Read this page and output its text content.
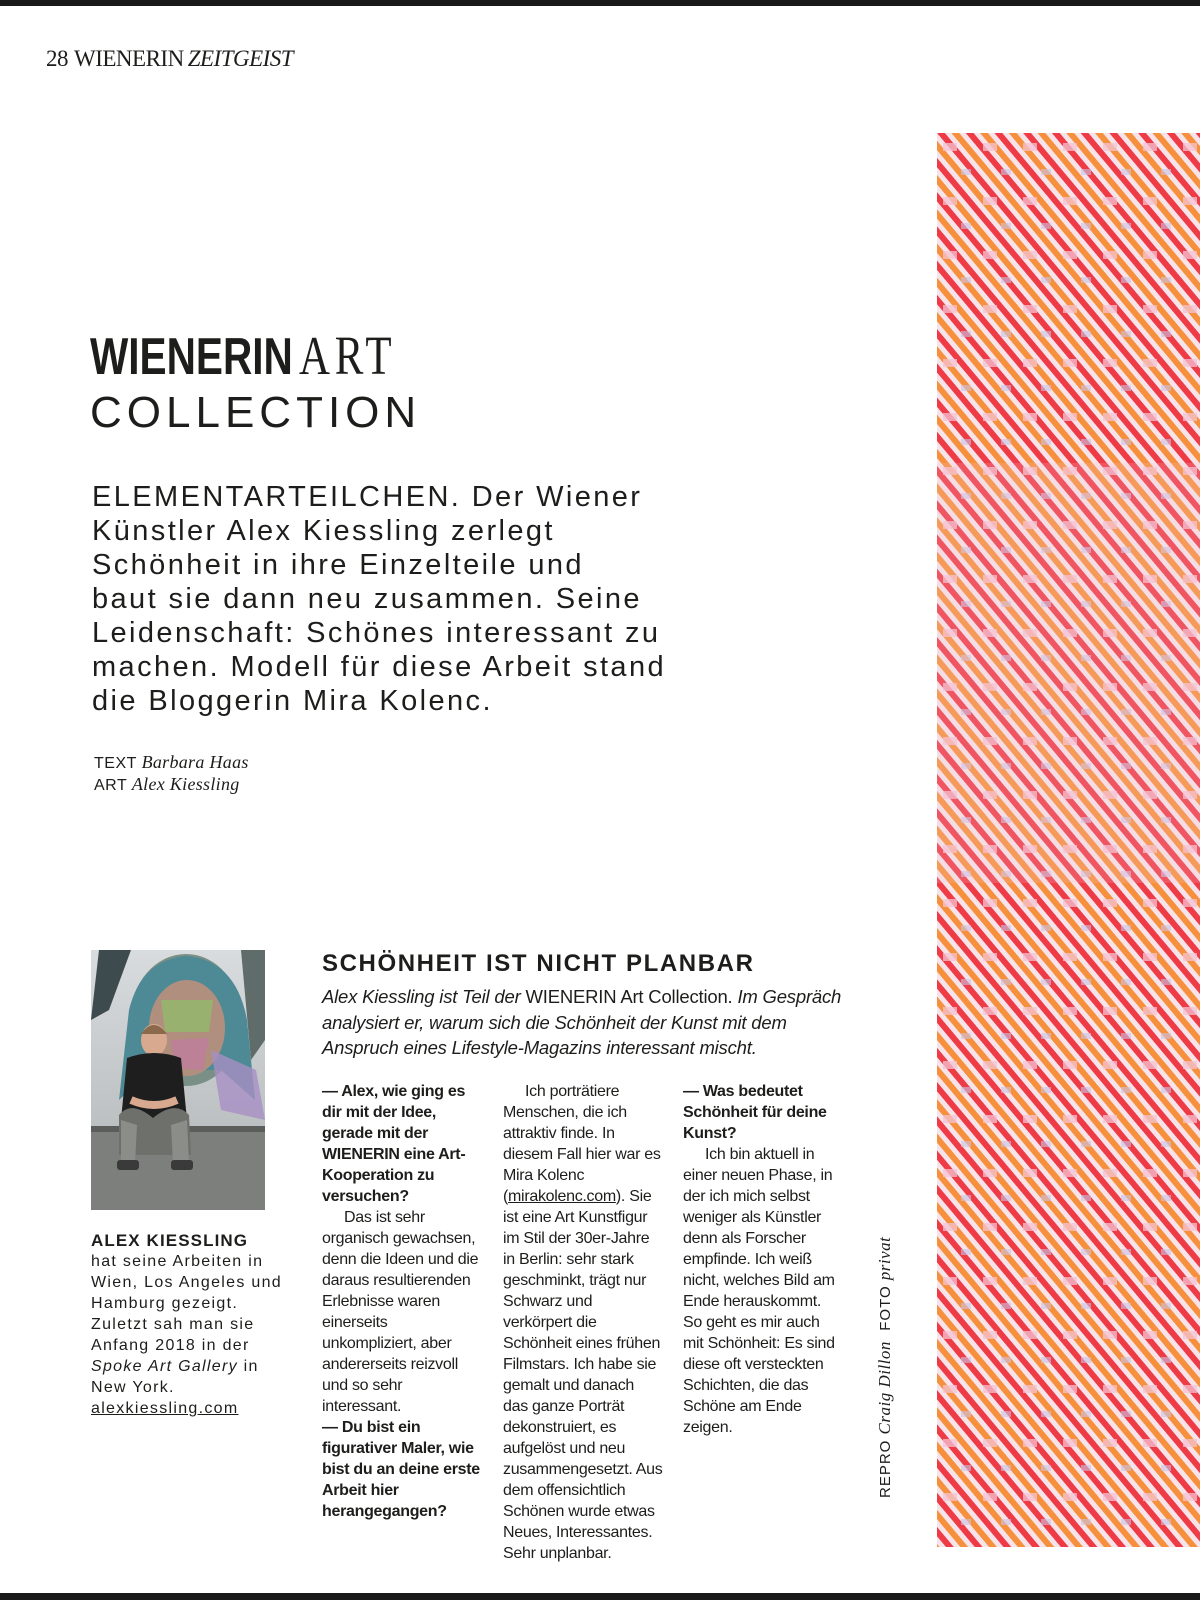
28 WIENERIN ZEITGEIST
WIENERIN ART
COLLECTION

ELEMENTARTEILCHEN. Der Wiener

Künstler Alex Kiessling zerlegt

Schönheit in ihre Einzelteile und

baut sie dann neu zusammen. Seine

Leidenschaft: Schönes interessant zu

machen. Modell für diese Arbeit stand

die Bloggerin Mira Kolenc.

TEXT Barbara Haas
ART Alex Kiessling
ALEX KIESSLING
hat seine Arbeiten in Wien, Los Angeles und Hamburg gezeigt. Zuletzt sah man sie Anfang 2018 in der Spoke Art Gallery in New York.
alexkiessling.com
SCHÖNHEIT IST NICHT PLANBAR
Alex Kiessling ist Teil der WIENERIN Art Collection. Im Gespräch analysiert er, warum sich die Schönheit der Kunst mit dem Anspruch eines Lifestyle-Magazins interessant mischt.

— Alex, wie ging es dir mit der Idee, gerade mit der WIENERIN eine Art-Kooperation zu versuchen?

Das ist sehr organisch gewachsen, denn die Ideen und die daraus resultierenden Erlebnisse waren einerseits unkompliziert, aber andererseits reizvoll und so sehr interessant.

— Du bist ein figurativer Maler, wie bist du an deine erste Arbeit hier herangegangen?

Ich porträtiere Menschen, die ich attraktiv finde. In diesem Fall hier war es Mira Kolenc (mirakolenc.com). Sie ist eine Art Kunstfigur im Stil der 30er-Jahre in Berlin: sehr stark geschminkt, trägt nur Schwarz und verkörpert die Schönheit eines frühen Filmstars. Ich habe sie gemalt und danach das ganze Porträt dekonstruiert, es aufgelöst und neu zusammengesetzt. Aus dem offensichtlich Schönen wurde etwas Neues, Interessantes. Sehr unplanbar.

— Was bedeutet Schönheit für deine Kunst?

Ich bin aktuell in einer neuen Phase, in der ich mich selbst weniger als Künstler denn als Forscher empfinde. Ich weiß nicht, welches Bild am Ende herauskommt. So geht es mir auch mit Schönheit: Es sind diese oft versteckten Schichten, die das Schöne am Ende zeigen.

REPRO Craig Dillon  FOTO privat
